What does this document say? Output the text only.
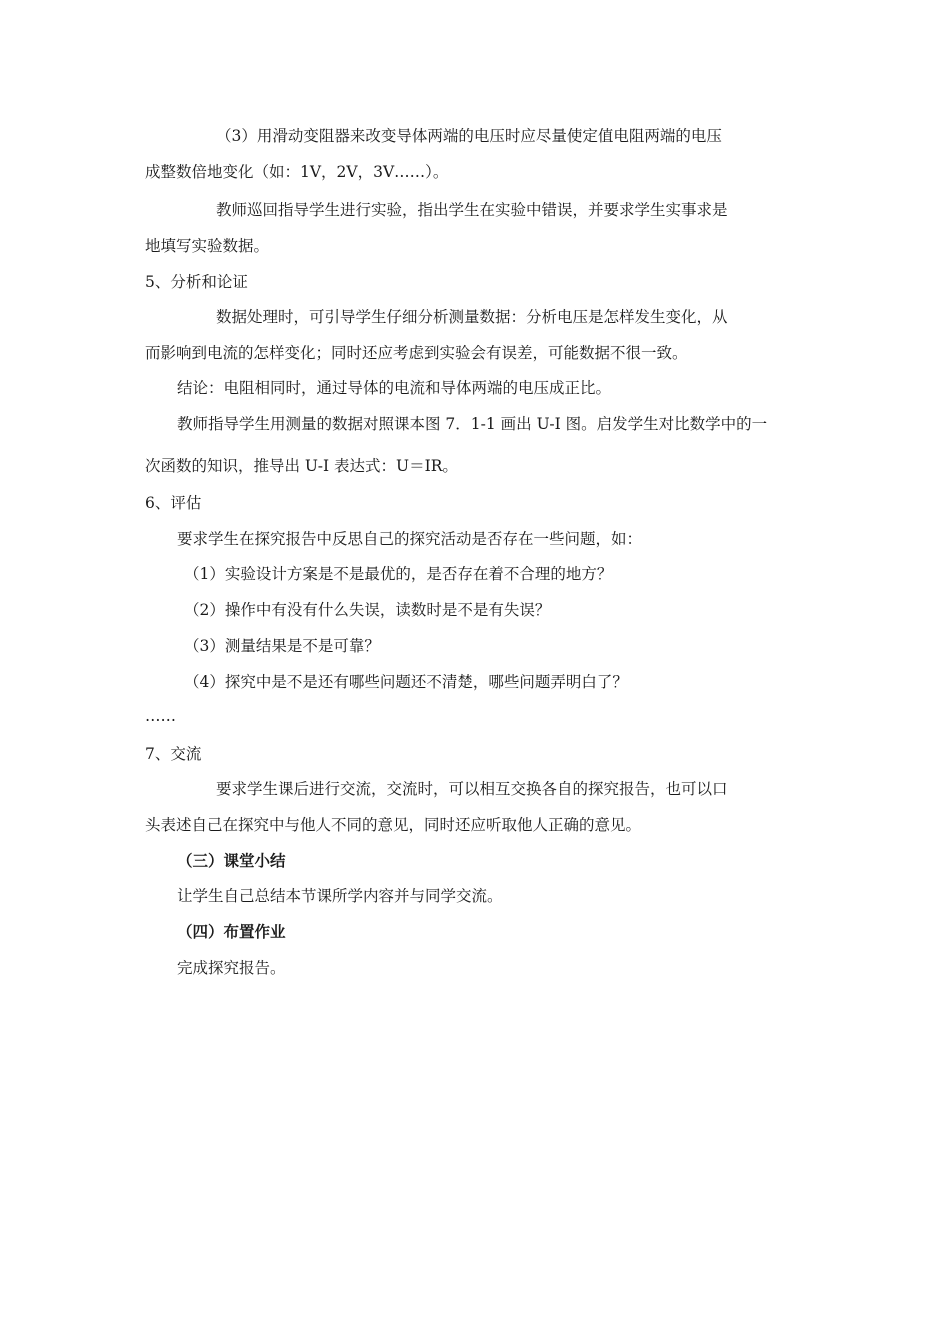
（3）用滑动变阻器来改变导体两端的电压时应尽量使定值电阻两端的电压

成整数倍地变化（如：1V，2V，3V……）。

教师巡回指导学生进行实验，指出学生在实验中错误，并要求学生实事求是

地填写实验数据。

5、分析和论证

数据处理时，可引导学生仔细分析测量数据：分析电压是怎样发生变化，从

而影响到电流的怎样变化；同时还应考虑到实验会有误差，可能数据不很一致。

结论：电阻相同时，通过导体的电流和导体两端的电压成正比。

教师指导学生用测量的数据对照课本图 7．1-1 画出 U-I 图。启发学生对比数学中的一

次函数的知识，推导出 U-I 表达式：U＝IR。

6、评估

要求学生在探究报告中反思自己的探究活动是否存在一些问题，如：

（1）实验设计方案是不是最优的，是否存在着不合理的地方？

（2）操作中有没有什么失误，读数时是不是有失误？

（3）测量结果是不是可靠？

（4）探究中是不是还有哪些问题还不清楚，哪些问题弄明白了？

……

7、交流

要求学生课后进行交流，交流时，可以相互交换各自的探究报告，也可以口

头表述自己在探究中与他人不同的意见，同时还应听取他人正确的意见。

（三）课堂小结

让学生自己总结本节课所学内容并与同学交流。

（四）布置作业

完成探究报告。
